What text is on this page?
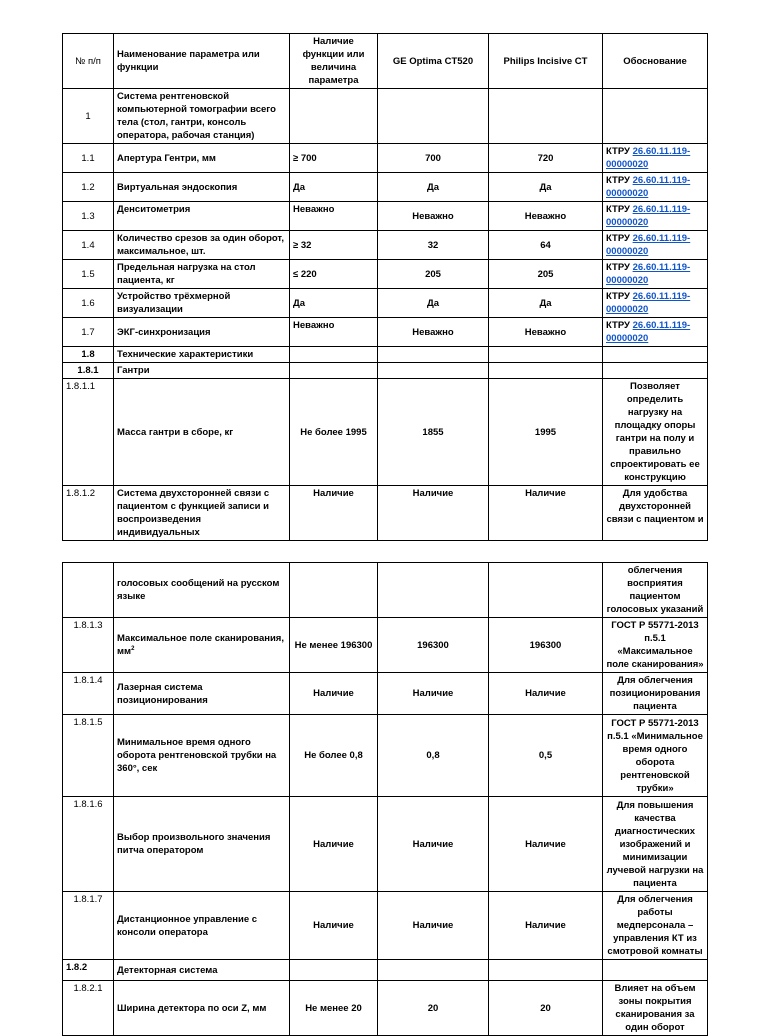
№ п/п	Наименование параметра или функции	Наличие функции или величина параметра	GE Optima CT520	Philips Incisive CT	Обоснование
1	Система рентгеновской компьютерной томографии всего тела (стол, гантри, консоль оператора, рабочая станция)				
1.1	Апертура Гентри, мм	≥ 700	700	720	КТРУ 26.60.11.119-00000020
1.2	Виртуальная эндоскопия	Да	Да	Да	КТРУ 26.60.11.119-00000020
1.3	Денситометрия	Неважно	Неважно	Неважно	КТРУ 26.60.11.119-00000020
1.4	Количество срезов за один оборот, максимальное, шт.	≥ 32	32	64	КТРУ 26.60.11.119-00000020
1.5	Предельная нагрузка на стол пациента, кг	≤ 220	205	205	КТРУ 26.60.11.119-00000020
1.6	Устройство трёхмерной визуализации	Да	Да	Да	КТРУ 26.60.11.119-00000020
1.7	ЭКГ-синхронизация	Неважно	Неважно	Неважно	КТРУ 26.60.11.119-00000020
1.8	Технические характеристики				
1.8.1	Гантри				
1.8.1.1	Масса гантри в сборе, кг	Не более 1995	1855	1995	Позволяет определить нагрузку на площадку опоры гантри на полу и правильно спроектировать ее конструкцию
1.8.1.2	Система двухсторонней связи с пациентом с функцией записи и воспроизведения индивидуальных	Наличие	Наличие	Наличие	Для удобства двухсторонней связи с пациентом и
	голосовых сообщений на русском языке				облегчения восприятия пациентом голосовых указаний
1.8.1.3	Максимальное поле сканирования, $мм^2$	Не менее 196300	196300	196300	ГОСТ Р 55771-2013 п.5.1 «Максимальное поле сканирования»
1.8.1.4	Лазерная система позиционирования	Наличие	Наличие	Наличие	Для облегчения позиционирования пациента
1.8.1.5	Минимальное время одного оборота рентгеновской трубки на 360°, сек	Не более 0,8	0,8	0,5	ГОСТ Р 55771-2013 п.5.1 «Минимальное время одного оборота рентгеновской трубки»
1.8.1.6	Выбор произвольного значения питча оператором	Наличие	Наличие	Наличие	Для повышения качества диагностических изображений и минимизации лучевой нагрузки на пациента
1.8.1.7	Дистанционное управление с консоли оператора	Наличие	Наличие	Наличие	Для облегчения работы медперсонала – управления КТ из смотровой комнаты
1.8.2	Детекторная система				
1.8.2.1	Ширина детектора по оси Z, мм	Не менее 20	20	20	Влияет на объем зоны покрытия сканирования за один оборот
